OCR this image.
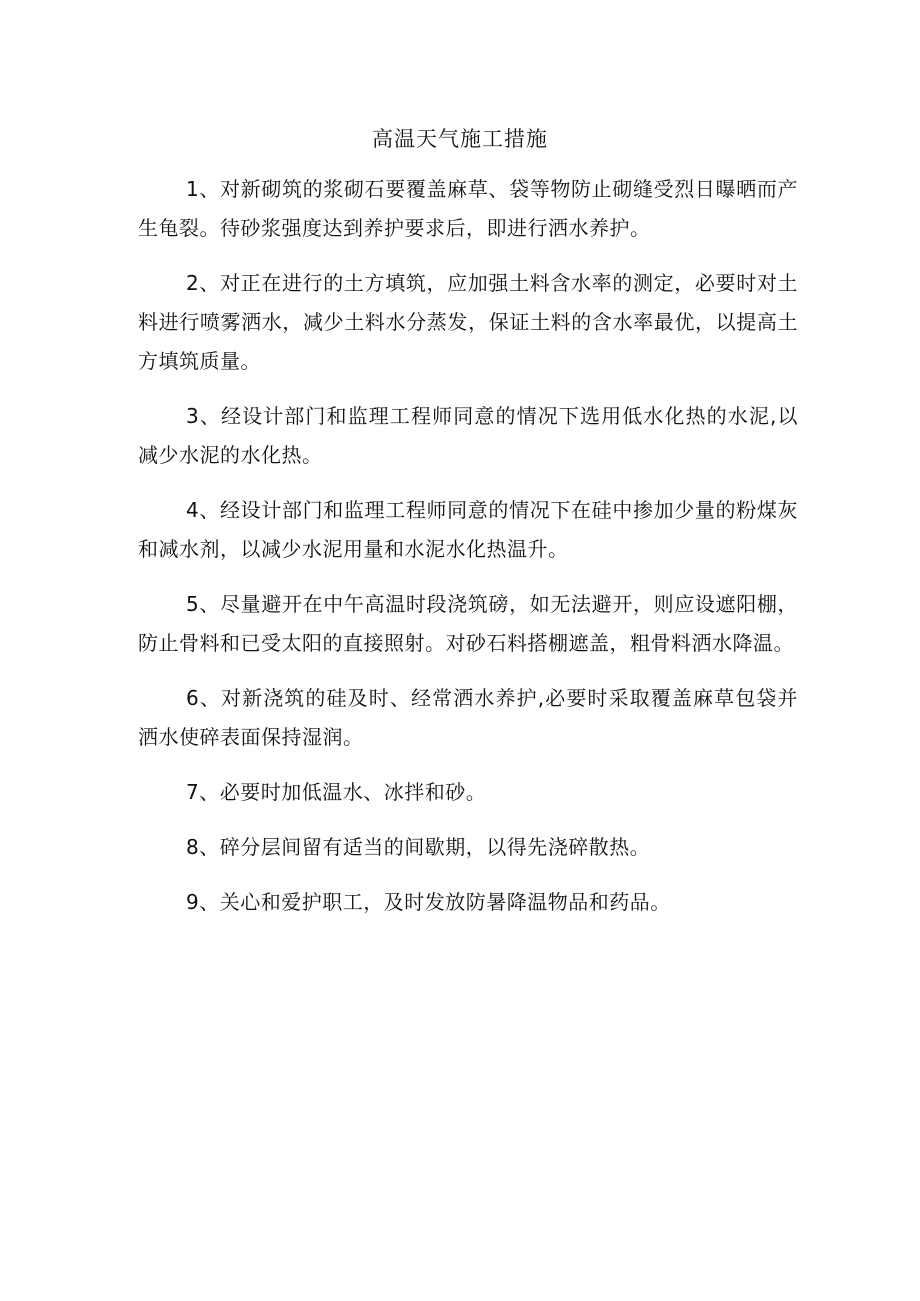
高温天气施工措施

1、对新砌筑的浆砌石要覆盖麻草、袋等物防止砌缝受烈日曝晒而产生龟裂。待砂浆强度达到养护要求后，即进行洒水养护。

2、对正在进行的土方填筑，应加强土料含水率的测定，必要时对土料进行喷雾洒水，减少土料水分蒸发，保证土料的含水率最优，以提高土方填筑质量。

3、经设计部门和监理工程师同意的情况下选用低水化热的水泥,以减少水泥的水化热。

4、经设计部门和监理工程师同意的情况下在硅中掺加少量的粉煤灰和减水剂，以减少水泥用量和水泥水化热温升。

5、尽量避开在中午高温时段浇筑磅，如无法避开，则应设遮阳棚，防止骨料和已受太阳的直接照射。对砂石料搭棚遮盖，粗骨料洒水降温。

6、对新浇筑的硅及时、经常洒水养护,必要时采取覆盖麻草包袋并洒水使碎表面保持湿润。

7、必要时加低温水、冰拌和砂。

8、碎分层间留有适当的间歇期，以得先浇碎散热。

9、关心和爱护职工，及时发放防暑降温物品和药品。
